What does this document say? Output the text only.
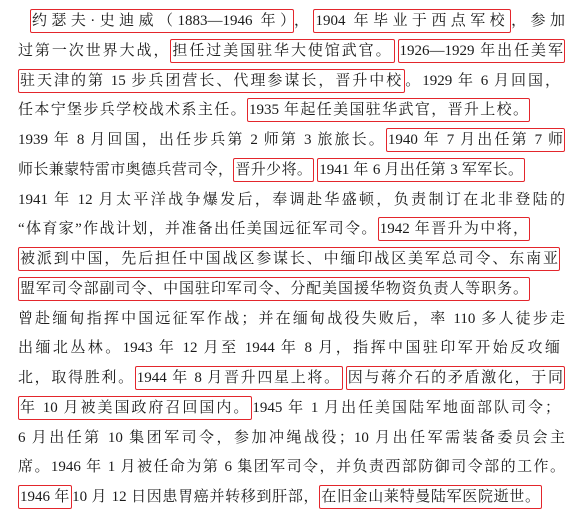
约瑟夫·史迪威（1883—1946 年） ， 1904 年毕业于西点军校 ，参加
过第一次世界大战， 担任过美国驻华大使馆武官。 1926—1929 年出任美军
驻天津的第 15 步兵团营长、代理参谋长，晋升中校 。1929 年 6 月回国，
任本宁堡步兵学校战术系主任。 1935 年起任美国驻华武官，晋升上校。
1939 年 8 月回国，出任步兵第 2 师第 3 旅旅长。 1940 年 7 月出任第 7 师
师长兼蒙特雷市奥德兵营司令， 晋升少将。 1941 年 6 月出任第 3 军军长。
1941 年 12 月太平洋战争爆发后，奉调赴华盛顿，负责制订在北非登陆的
“体育家”作战计划，并准备出任美国远征军司令。 1942 年晋升为中将，
被派到中国，先后担任中国战区参谋长、中缅印战区美军总司令、东南亚
盟军司令部副司令、中国驻印军司令、分配美国援华物资负责人等职务。
曾赴缅甸指挥中国远征军作战；并在缅甸战役失败后，率 110 多人徒步走
出缅北丛林。1943 年 12 月至 1944 年 8 月，指挥中国驻印军开始反攻缅
北，取得胜利。 1944 年 8 月晋升四星上将。 因与蒋介石的矛盾激化，于同
年 10 月被美国政府召回国内。 1945 年 1 月出任美国陆军地面部队司令；
6 月出任第 10 集团军司令，参加冲绳战役；10 月出任军需装备委员会主
席。1946 年 1 月被任命为第 6 集团军司令，并负责西部防御司令部的工作。
1946 年 10 月 12 日因患胃癌并转移到肝部， 在旧金山莱特曼陆军医院逝世。
